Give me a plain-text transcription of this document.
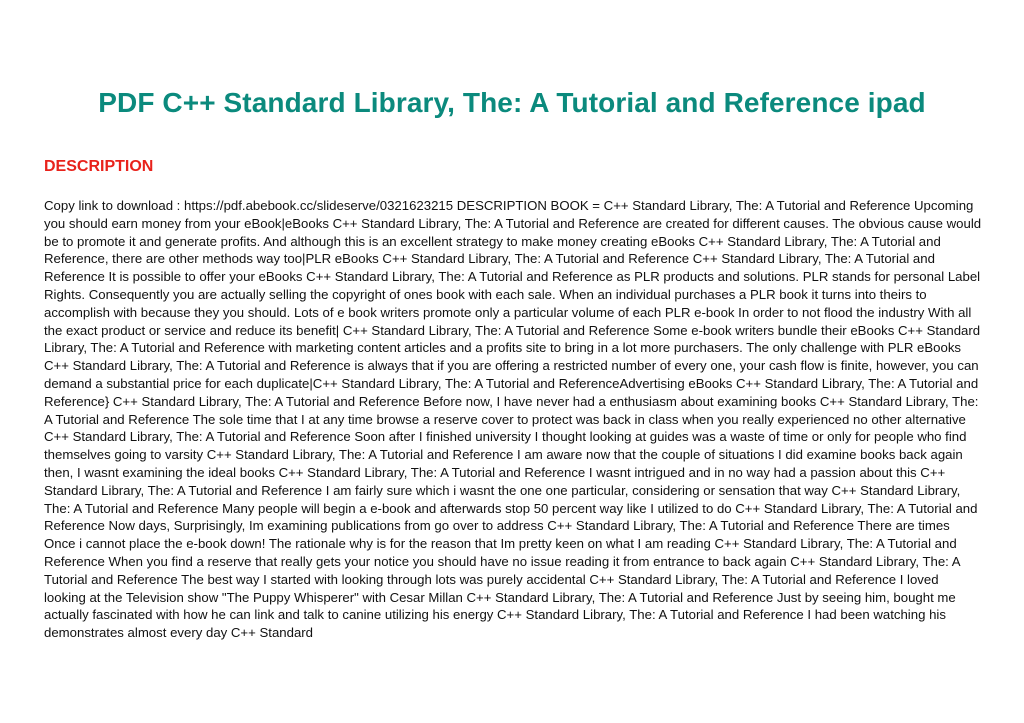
PDF C++ Standard Library, The: A Tutorial and Reference ipad
DESCRIPTION

Copy link to download : https://pdf.abebook.cc/slideserve/0321623215 DESCRIPTION BOOK = C++ Standard Library, The: A Tutorial and Reference Upcoming you should earn money from your eBook|eBooks C++ Standard Library, The: A Tutorial and Reference are created for different causes. The obvious cause would be to promote it and generate profits. And although this is an excellent strategy to make money creating eBooks C++ Standard Library, The: A Tutorial and Reference, there are other methods way too|PLR eBooks C++ Standard Library, The: A Tutorial and Reference C++ Standard Library, The: A Tutorial and Reference It is possible to offer your eBooks C++ Standard Library, The: A Tutorial and Reference as PLR products and solutions. PLR stands for personal Label Rights. Consequently you are actually selling the copyright of ones book with each sale. When an individual purchases a PLR book it turns into theirs to accomplish with because they you should. Lots of e book writers promote only a particular volume of each PLR e-book In order to not flood the industry With all the exact product or service and reduce its benefit| C++ Standard Library, The: A Tutorial and Reference Some e-book writers bundle their eBooks C++ Standard Library, The: A Tutorial and Reference with marketing content articles and a profits site to bring in a lot more purchasers. The only challenge with PLR eBooks C++ Standard Library, The: A Tutorial and Reference is always that if you are offering a restricted number of every one, your cash flow is finite, however, you can demand a substantial price for each duplicate|C++ Standard Library, The: A Tutorial and ReferenceAdvertising eBooks C++ Standard Library, The: A Tutorial and Reference} C++ Standard Library, The: A Tutorial and Reference Before now, I have never had a enthusiasm about examining books C++ Standard Library, The: A Tutorial and Reference The sole time that I at any time browse a reserve cover to protect was back in class when you really experienced no other alternative C++ Standard Library, The: A Tutorial and Reference Soon after I finished university I thought looking at guides was a waste of time or only for people who find themselves going to varsity C++ Standard Library, The: A Tutorial and Reference I am aware now that the couple of situations I did examine books back again then, I wasnt examining the ideal books C++ Standard Library, The: A Tutorial and Reference I wasnt intrigued and in no way had a passion about this C++ Standard Library, The: A Tutorial and Reference I am fairly sure which i wasnt the one one particular, considering or sensation that way C++ Standard Library, The: A Tutorial and Reference Many people will begin a e-book and afterwards stop 50 percent way like I utilized to do C++ Standard Library, The: A Tutorial and Reference Now days, Surprisingly, Im examining publications from go over to address C++ Standard Library, The: A Tutorial and Reference There are times Once i cannot place the e-book down! The rationale why is for the reason that Im pretty keen on what I am reading C++ Standard Library, The: A Tutorial and Reference When you find a reserve that really gets your notice you should have no issue reading it from entrance to back again C++ Standard Library, The: A Tutorial and Reference The best way I started with looking through lots was purely accidental C++ Standard Library, The: A Tutorial and Reference I loved looking at the Television show "The Puppy Whisperer" with Cesar Millan C++ Standard Library, The: A Tutorial and Reference Just by seeing him, bought me actually fascinated with how he can link and talk to canine utilizing his energy C++ Standard Library, The: A Tutorial and Reference I had been watching his demonstrates almost every day C++ Standard
